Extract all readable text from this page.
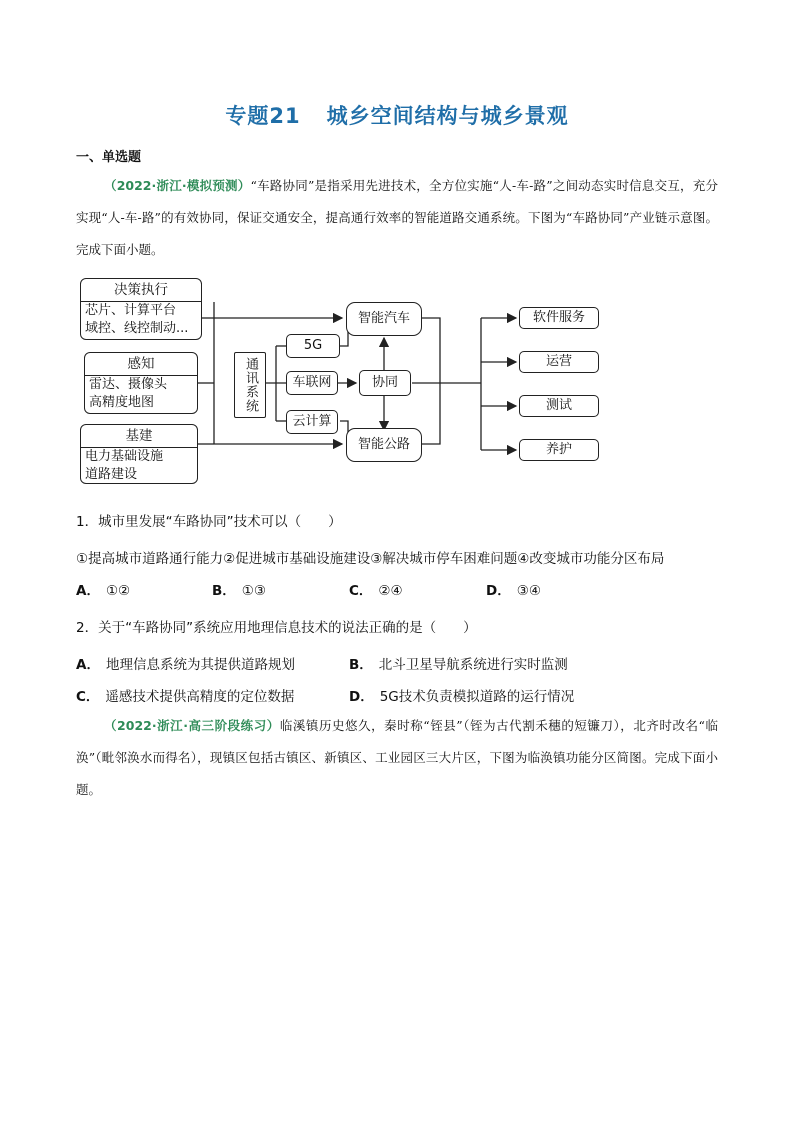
专题21 城乡空间结构与城乡景观
一、单选题
（2022·浙江·模拟预测）“车路协同”是指采用先进技术，全方位实施“人-车-路”之间动态实时信息交互，充分实现“人-车-路”的有效协同，保证交通安全，提高通行效率的智能道路交通系统。下图为“车路协同”产业链示意图。完成下面小题。
决策执行
芯片、计算平台
域控、线控制动...
感知
雷达、摄像头
高精度地图
基建
电力基础设施
道路建设
通讯系统
5G
车联网
云计算
协同
智能汽车
智能公路
软件服务
运营
测试
养护
1．城市里发展“车路协同”技术可以（　　）
①提高城市道路通行能力②促进城市基础设施建设③解决城市停车困难问题④改变城市功能分区布局
A． ①②	B． ①③	C． ②④	D． ③④
2．关于“车路协同”系统应用地理信息技术的说法正确的是（　　）
A． 地理信息系统为其提供道路规划	B． 北斗卫星导航系统进行实时监测
C． 遥感技术提供高精度的定位数据	D． 5G技术负责模拟道路的运行情况
（2022·浙江·高三阶段练习）临溪镇历史悠久，秦时称“铚县”（铚为古代割禾穗的短镰刀），北齐时改名“临涣”（毗邻涣水而得名），现镇区包括古镇区、新镇区、工业园区三大片区，下图为临涣镇功能分区简图。完成下面小题。
